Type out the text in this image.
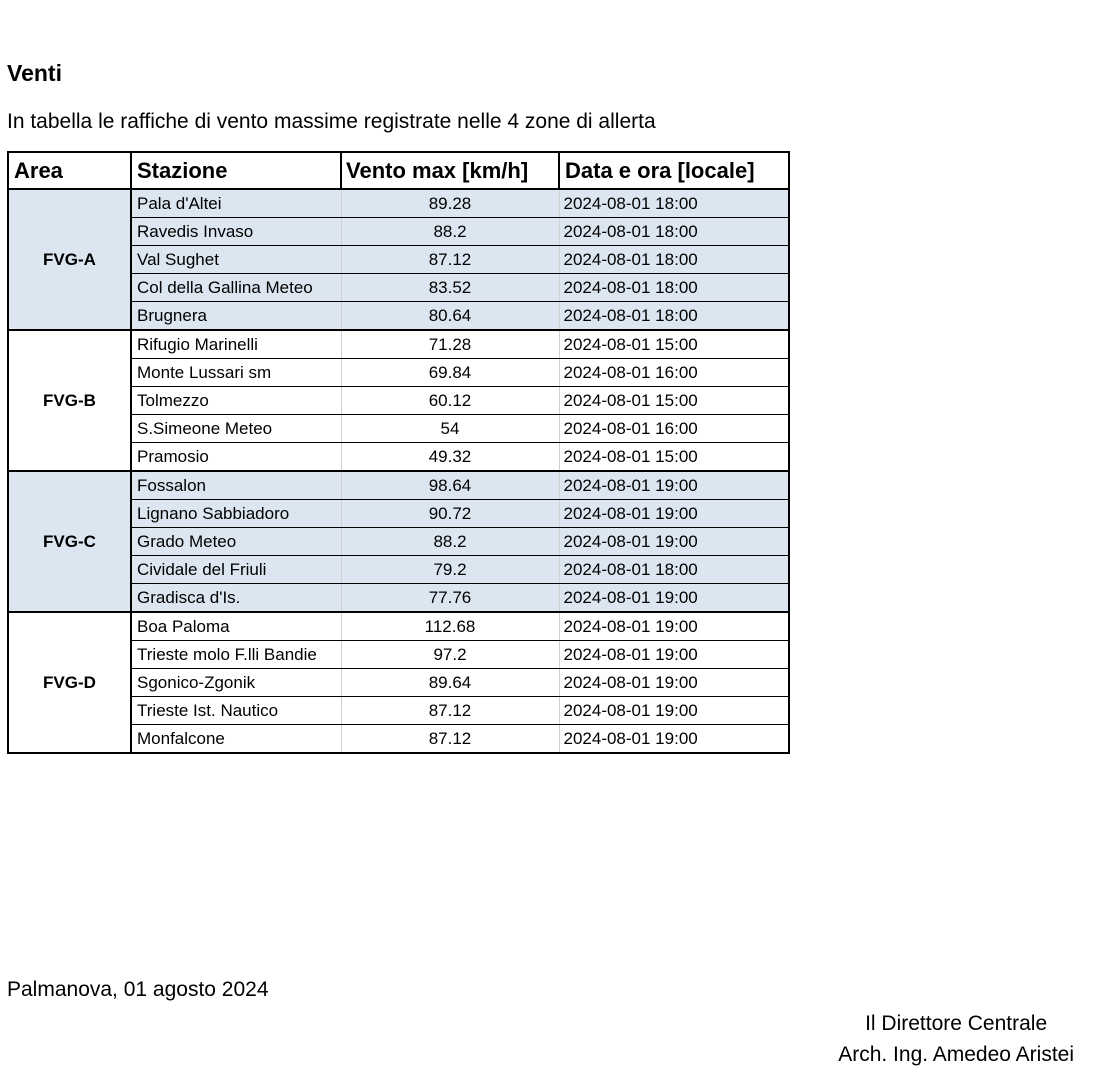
Venti
In tabella le raffiche di vento massime registrate nelle 4 zone di allerta
Area	Stazione	Vento max [km/h]	Data e ora [locale]
FVG-A	Pala d'Altei	89.28	2024-08-01 18:00
	Ravedis Invaso	88.2	2024-08-01 18:00
	Val Sughet	87.12	2024-08-01 18:00
	Col della Gallina Meteo	83.52	2024-08-01 18:00
	Brugnera	80.64	2024-08-01 18:00
FVG-B	Rifugio Marinelli	71.28	2024-08-01 15:00
	Monte Lussari sm	69.84	2024-08-01 16:00
	Tolmezzo	60.12	2024-08-01 15:00
	S.Simeone Meteo	54	2024-08-01 16:00
	Pramosio	49.32	2024-08-01 15:00
FVG-C	Fossalon	98.64	2024-08-01 19:00
	Lignano Sabbiadoro	90.72	2024-08-01 19:00
	Grado Meteo	88.2	2024-08-01 19:00
	Cividale del Friuli	79.2	2024-08-01 18:00
	Gradisca d'Is.	77.76	2024-08-01 19:00
FVG-D	Boa Paloma	112.68	2024-08-01 19:00
	Trieste molo F.lli Bandie	97.2	2024-08-01 19:00
	Sgonico-Zgonik	89.64	2024-08-01 19:00
	Trieste Ist. Nautico	87.12	2024-08-01 19:00
	Monfalcone	87.12	2024-08-01 19:00
Palmanova, 01 agosto 2024
Il Direttore Centrale
Arch. Ing. Amedeo Aristei
